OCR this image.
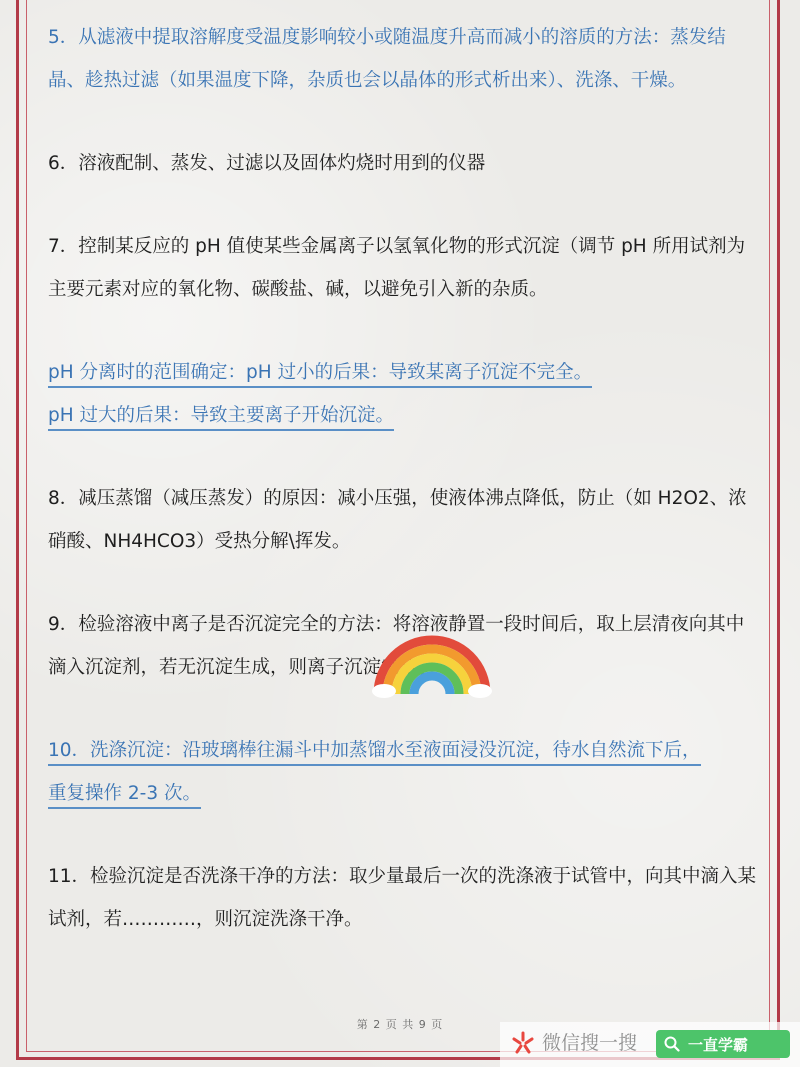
5．从滤液中提取溶解度受温度影响较小或随温度升高而减小的溶质的方法：蒸发结晶、趁热过滤（如果温度下降，杂质也会以晶体的形式析出来）、洗涤、干燥。

6．溶液配制、蒸发、过滤以及固体灼烧时用到的仪器

7．控制某反应的 pH 值使某些金属离子以氢氧化物的形式沉淀（调节 pH 所用试剂为主要元素对应的氧化物、碳酸盐、碱，以避免引入新的杂质。

pH 分离时的范围确定：pH 过小的后果：导致某离子沉淀不完全。
pH 过大的后果：导致主要离子开始沉淀。

8．减压蒸馏（减压蒸发）的原因：减小压强，使液体沸点降低，防止（如 H2O2、浓硝酸、NH4HCO3）受热分解\挥发。

9．检验溶液中离子是否沉淀完全的方法：将溶液静置一段时间后，取上层清夜向其中滴入沉淀剂，若无沉淀生成，则离子沉淀完全。

10．洗涤沉淀：沿玻璃棒往漏斗中加蒸馏水至液面浸没沉淀，待水自然流下后，
重复操作 2-3 次。

11．检验沉淀是否洗涤干净的方法：取少量最后一次的洗涤液于试管中，向其中滴入某试剂，若…………，则沉淀洗涤干净。

第 2 页 共 9 页
微信搜一搜	一直学霸
